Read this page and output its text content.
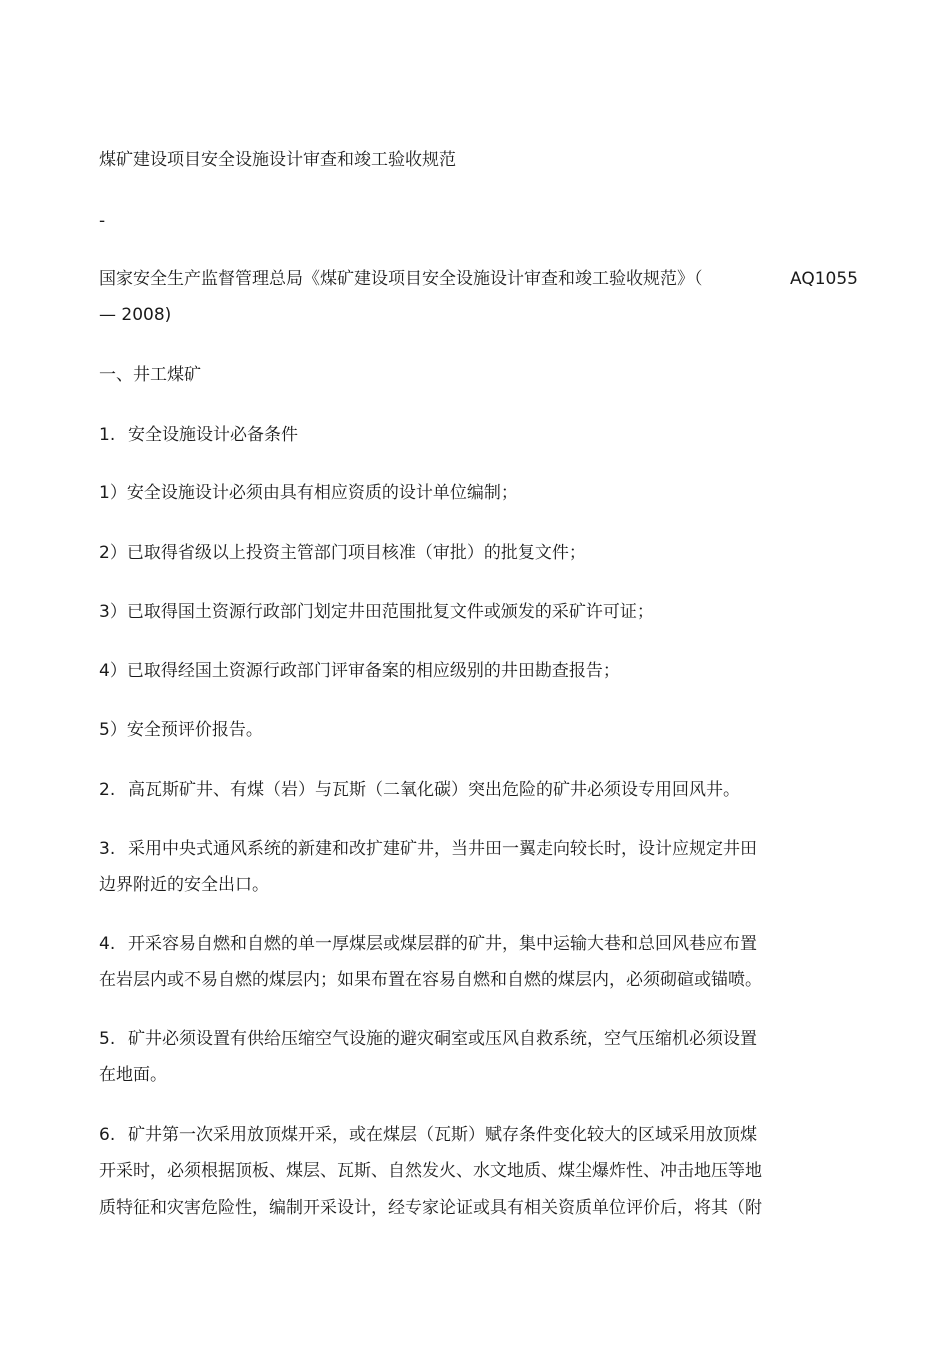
煤矿建设项目安全设施设计审查和竣工验收规范

-

国家安全生产监督管理总局《煤矿建设项目安全设施设计审查和竣工验收规范》（	AQ1055

— 2008)

一、井工煤矿

1. 安全设施设计必备条件

1）安全设施设计必须由具有相应资质的设计单位编制；

2）已取得省级以上投资主管部门项目核准（审批）的批复文件；

3）已取得国土资源行政部门划定井田范围批复文件或颁发的采矿许可证；

4）已取得经国土资源行政部门评审备案的相应级别的井田勘查报告；

5）安全预评价报告。

2. 高瓦斯矿井、有煤（岩）与瓦斯（二氧化碳）突出危险的矿井必须设专用回风井。

3. 采用中央式通风系统的新建和改扩建矿井，当井田一翼走向较长时，设计应规定井田

边界附近的安全出口。

4. 开采容易自燃和自燃的单一厚煤层或煤层群的矿井，集中运输大巷和总回风巷应布置

在岩层内或不易自燃的煤层内；如果布置在容易自燃和自燃的煤层内，必须砌碹或锚喷。

5. 矿井必须设置有供给压缩空气设施的避灾硐室或压风自救系统，空气压缩机必须设置

在地面。

6. 矿井第一次采用放顶煤开采，或在煤层（瓦斯）赋存条件变化较大的区域采用放顶煤

开采时，必须根据顶板、煤层、瓦斯、自然发火、水文地质、煤尘爆炸性、冲击地压等地

质特征和灾害危险性，编制开采设计，经专家论证或具有相关资质单位评价后，将其（附
